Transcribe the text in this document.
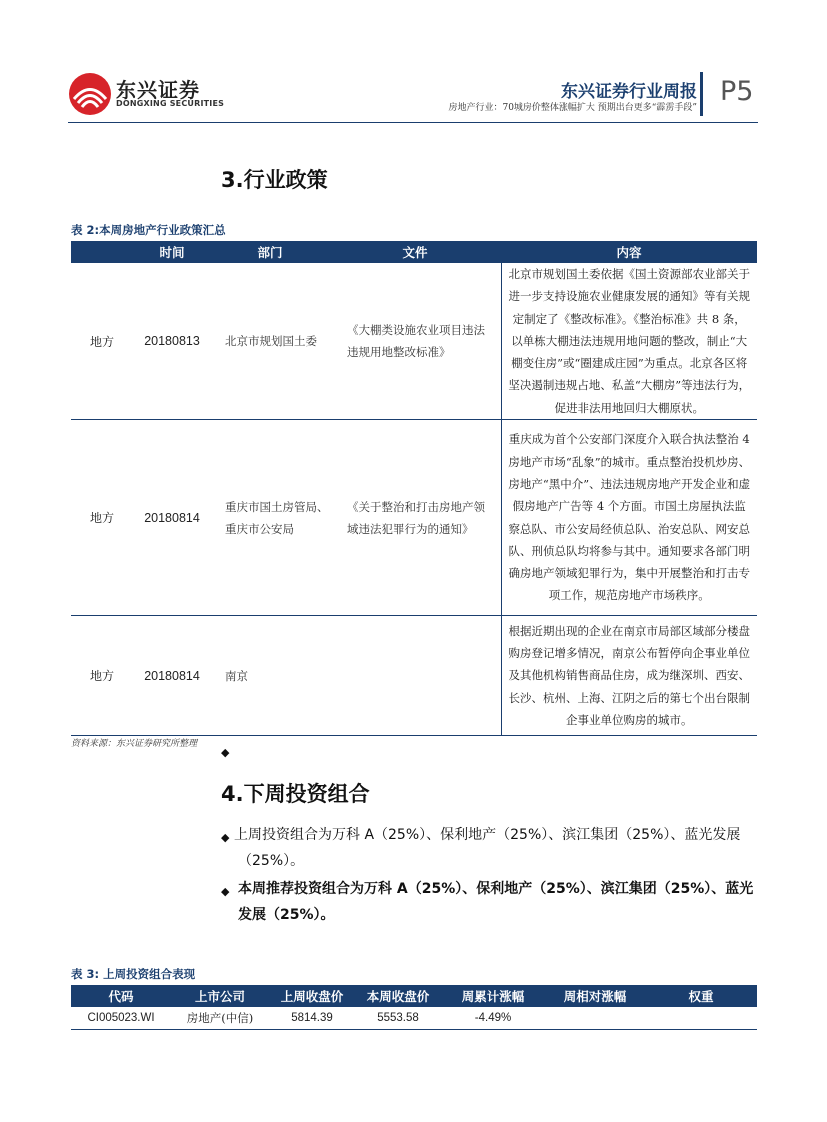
东兴证券
DONGXING SECURITIES
东兴证券行业周报
房地产行业：70城房价整体涨幅扩大 预期出台更多“霹雳手段”
P5
3.行业政策
表 2:本周房地产行业政策汇总
	时间	部门	文件	内容
地方	20180813	北京市规划国土委	《大棚类设施农业项目违法违规用地整改标准》	北京市规划国土委依据《国土资源部农业部关于进一步支持设施农业健康发展的通知》等有关规定制定了《整改标准》。《整治标准》共 8 条，以单栋大棚违法违规用地问题的整改，制止“大棚变住房”或“圈建成庄园”为重点。北京各区将坚决遏制违规占地、私盖“大棚房”等违法行为，促进非法用地回归大棚原状。
地方	20180814	重庆市国土房管局、重庆市公安局	《关于整治和打击房地产领域违法犯罪行为的通知》	重庆成为首个公安部门深度介入联合执法整治 4 房地产市场“乱象”的城市。重点整治投机炒房、房地产“黑中介”、违法违规房地产开发企业和虚假房地产广告等 4 个方面。市国土房屋执法监察总队、市公安局经侦总队、治安总队、网安总队、刑侦总队均将参与其中。通知要求各部门明确房地产领域犯罪行为，集中开展整治和打击专项工作，规范房地产市场秩序。
地方	20180814	南京		根据近期出现的企业在南京市局部区域部分楼盘购房登记增多情况，南京公布暂停向企事业单位及其他机构销售商品住房，成为继深圳、西安、长沙、杭州、上海、江阴之后的第七个出台限制企事业单位购房的城市。
资料来源：东兴证券研究所整理
◆
4.下周投资组合
◆ 上周投资组合为万科 A（25%）、保利地产（25%）、滨江集团（25%）、蓝光发展（25%）。
◆ 本周推荐投资组合为万科 A（25%）、保利地产（25%）、滨江集团（25%）、蓝光发展（25%）。
表 3: 上周投资组合表现
代码	上市公司	上周收盘价	本周收盘价	周累计涨幅	周相对涨幅	权重
CI005023.WI	房地产(中信)	5814.39	5553.58	-4.49%		
